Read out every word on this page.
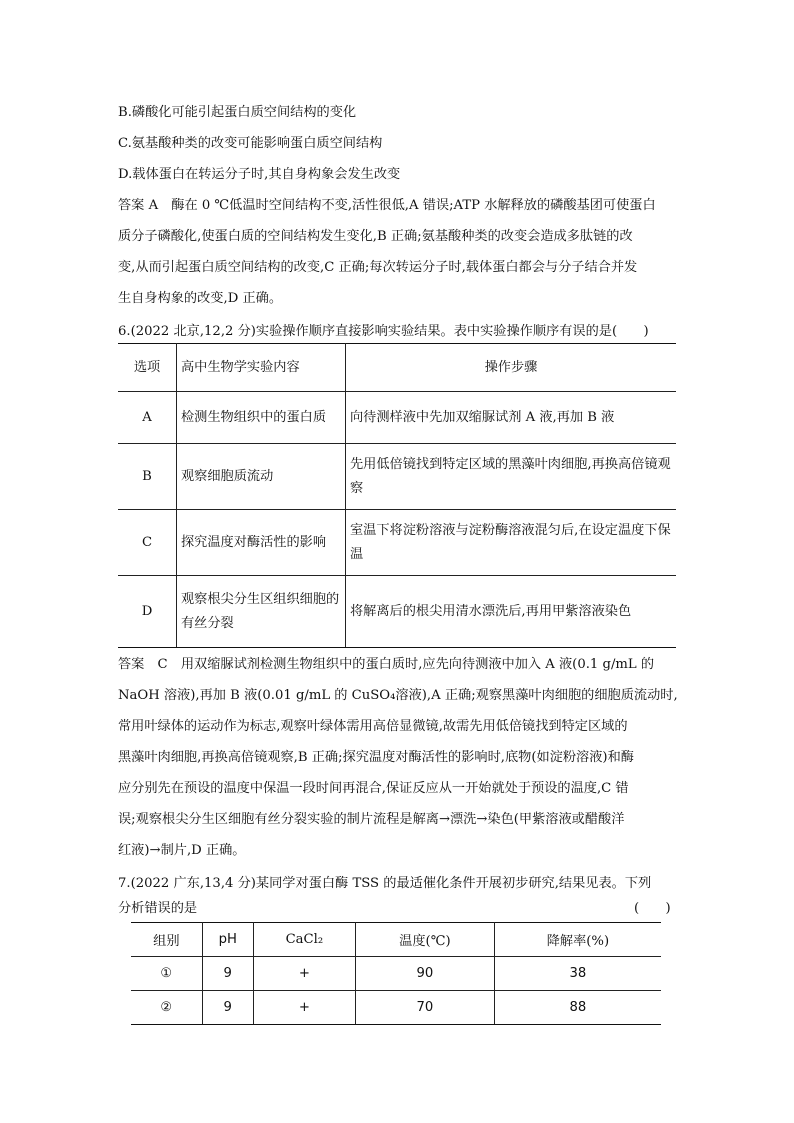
B.磷酸化可能引起蛋白质空间结构的变化
C.氨基酸种类的改变可能影响蛋白质空间结构
D.载体蛋白在转运分子时,其自身构象会发生改变
答案 A　酶在 0 ℃低温时空间结构不变,活性很低,A 错误;ATP 水解释放的磷酸基团可使蛋白
质分子磷酸化,使蛋白质的空间结构发生变化,B 正确;氨基酸种类的改变会造成多肽链的改
变,从而引起蛋白质空间结构的改变,C 正确;每次转运分子时,载体蛋白都会与分子结合并发
生自身构象的改变,D 正确。
6.(2022 北京,12,2 分)实验操作顺序直接影响实验结果。表中实验操作顺序有误的是(　　)
选项	高中生物学实验内容	操作步骤
A	检测生物组织中的蛋白质	向待测样液中先加双缩脲试剂 A 液,再加 B 液
B	观察细胞质流动	先用低倍镜找到特定区域的黑藻叶肉细胞,再换高倍镜观察
C	探究温度对酶活性的影响	室温下将淀粉溶液与淀粉酶溶液混匀后,在设定温度下保温
D	观察根尖分生区组织细胞的有丝分裂	将解离后的根尖用清水漂洗后,再用甲紫溶液染色
答案　C　用双缩脲试剂检测生物组织中的蛋白质时,应先向待测液中加入 A 液(0.1 g/mL 的
NaOH 溶液),再加 B 液(0.01 g/mL 的 CuSO₄溶液),A 正确;观察黑藻叶肉细胞的细胞质流动时,
常用叶绿体的运动作为标志,观察叶绿体需用高倍显微镜,故需先用低倍镜找到特定区域的
黑藻叶肉细胞,再换高倍镜观察,B 正确;探究温度对酶活性的影响时,底物(如淀粉溶液)和酶
应分别先在预设的温度中保温一段时间再混合,保证反应从一开始就处于预设的温度,C 错
误;观察根尖分生区细胞有丝分裂实验的制片流程是解离→漂洗→染色(甲紫溶液或醋酸洋
红液)→制片,D 正确。
7.(2022 广东,13,4 分)某同学对蛋白酶 TSS 的最适催化条件开展初步研究,结果见表。下列
分析错误的是	(　　)
组别	pH	CaCl₂	温度(℃)	降解率(%)
①	9	+	90	38
②	9	+	70	88
